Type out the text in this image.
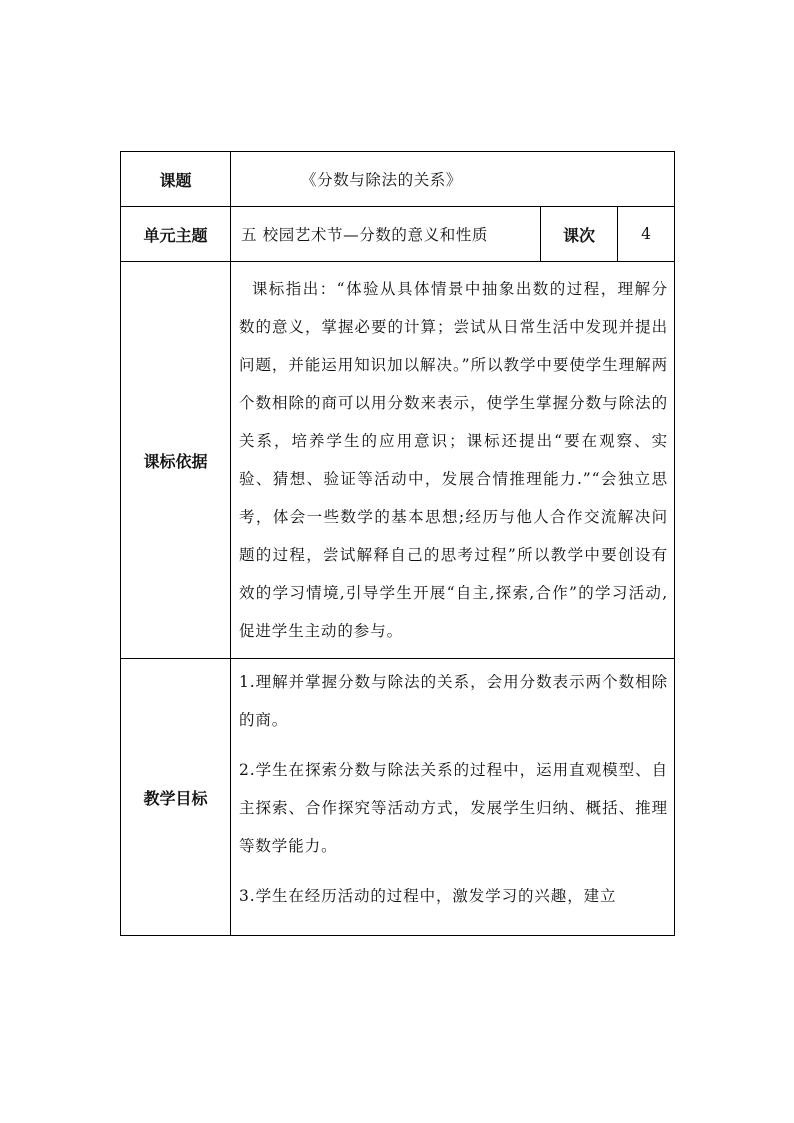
课题	《分数与除法的关系》		
单元主题	五 校园艺术节—分数的意义和性质	课次	4
课标依据	课标指出：“体验从具体情景中抽象出数的过程，理解分数的意义，掌握必要的计算；尝试从日常生活中发现并提出问题，并能运用知识加以解决。”所以教学中要使学生理解两个数相除的商可以用分数来表示，使学生掌握分数与除法的关系，培养学生的应用意识；课标还提出“要在观察、实验、猜想、验证等活动中，发展合情推理能力.”“会独立思考，体会一些数学的基本思想;经历与他人合作交流解决问题的过程，尝试解释自己的思考过程”所以教学中要创设有效的学习情境,引导学生开展“自主,探索,合作”的学习活动,促进学生主动的参与。		
教学目标	1.理解并掌握分数与除法的关系，会用分数表示两个数相除的商。
2.学生在探索分数与除法关系的过程中，运用直观模型、自主探索、合作探究等活动方式，发展学生归纳、概括、推理等数学能力。
3.学生在经历活动的过程中，激发学习的兴趣，建立		
